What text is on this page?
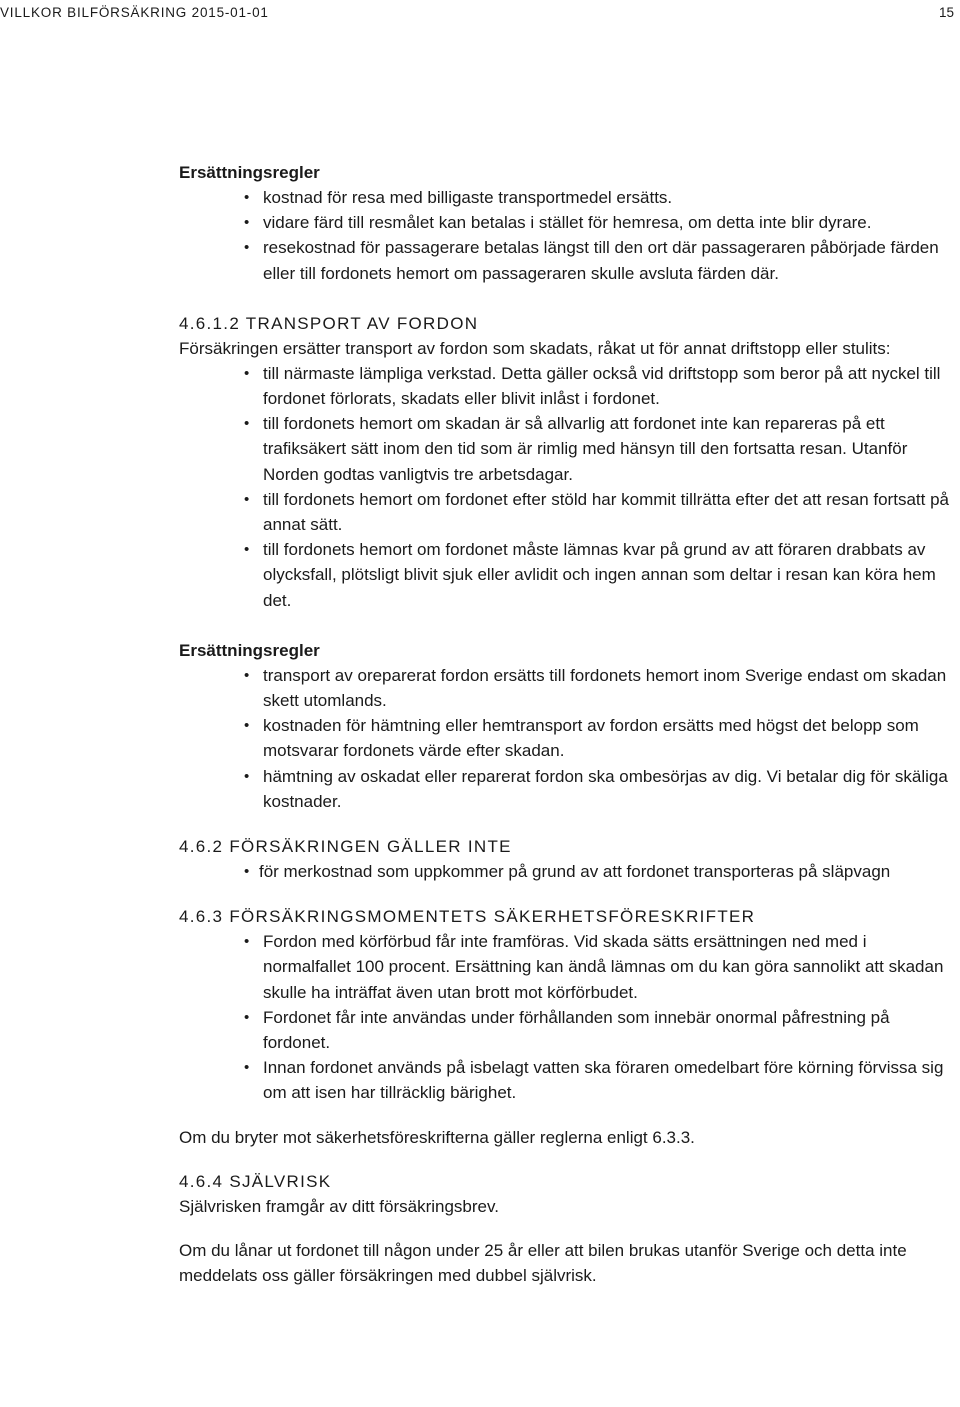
VILLKOR BILFÖRSÄKRING 2015-01-01	15
Ersättningsregler
• kostnad för resa med billigaste transportmedel ersätts.
• vidare färd till resmålet kan betalas i stället för hemresa, om detta inte blir dyrare.
• resekostnad för passagerare betalas längst till den ort där passageraren påbörjade färden eller till fordonets hemort om passageraren skulle avsluta färden där.
4.6.1.2 TRANSPORT AV FORDON

Försäkringen ersätter transport av fordon som skadats, råkat ut för annat driftstopp eller stulits:

• till närmaste lämpliga verkstad. Detta gäller också vid driftstopp som beror på att nyckel till fordonet förlorats, skadats eller blivit inlåst i fordonet.
• till fordonets hemort om skadan är så allvarlig att fordonet inte kan repareras på ett trafiksäkert sätt inom den tid som är rimlig med hänsyn till den fortsatta resan. Utanför Norden godtas vanligtvis tre arbetsdagar.
• till fordonets hemort om fordonet efter stöld har kommit tillrätta efter det att resan fortsatt på annat sätt.
• till fordonets hemort om fordonet måste lämnas kvar på grund av att föraren drabbats av olycksfall, plötsligt blivit sjuk eller avlidit och ingen annan som deltar i resan kan köra hem det.
Ersättningsregler
• transport av oreparerat fordon ersätts till fordonets hemort inom Sverige endast om skadan skett utomlands.
• kostnaden för hämtning eller hemtransport av fordon ersätts med högst det belopp som motsvarar fordonets värde efter skadan.
• hämtning av oskadat eller reparerat fordon ska ombesörjas av dig. Vi betalar dig för skäliga kostnader.
4.6.2 FÖRSÄKRINGEN GÄLLER INTE
• för merkostnad som uppkommer på grund av att fordonet transporteras på släpvagn
4.6.3 FÖRSÄKRINGSMOMENTETS SÄKERHETSFÖRESKRIFTER
• Fordon med körförbud får inte framföras. Vid skada sätts ersättningen ned med i normalfallet 100 procent. Ersättning kan ändå lämnas om du kan göra sannolikt att skadan skulle ha inträffat även utan brott mot körförbudet.
• Fordonet får inte användas under förhållanden som innebär onormal påfrestning på fordonet.
• Innan fordonet används på isbelagt vatten ska föraren omedelbart före körning förvissa sig om att isen har tillräcklig bärighet.

Om du bryter mot säkerhetsföreskrifterna gäller reglerna enligt 6.3.3.

4.6.4 SJÄLVRISK

Självrisken framgår av ditt försäkringsbrev.

Om du lånar ut fordonet till någon under 25 år eller att bilen brukas utanför Sverige och detta inte meddelats oss gäller försäkringen med dubbel självrisk.
